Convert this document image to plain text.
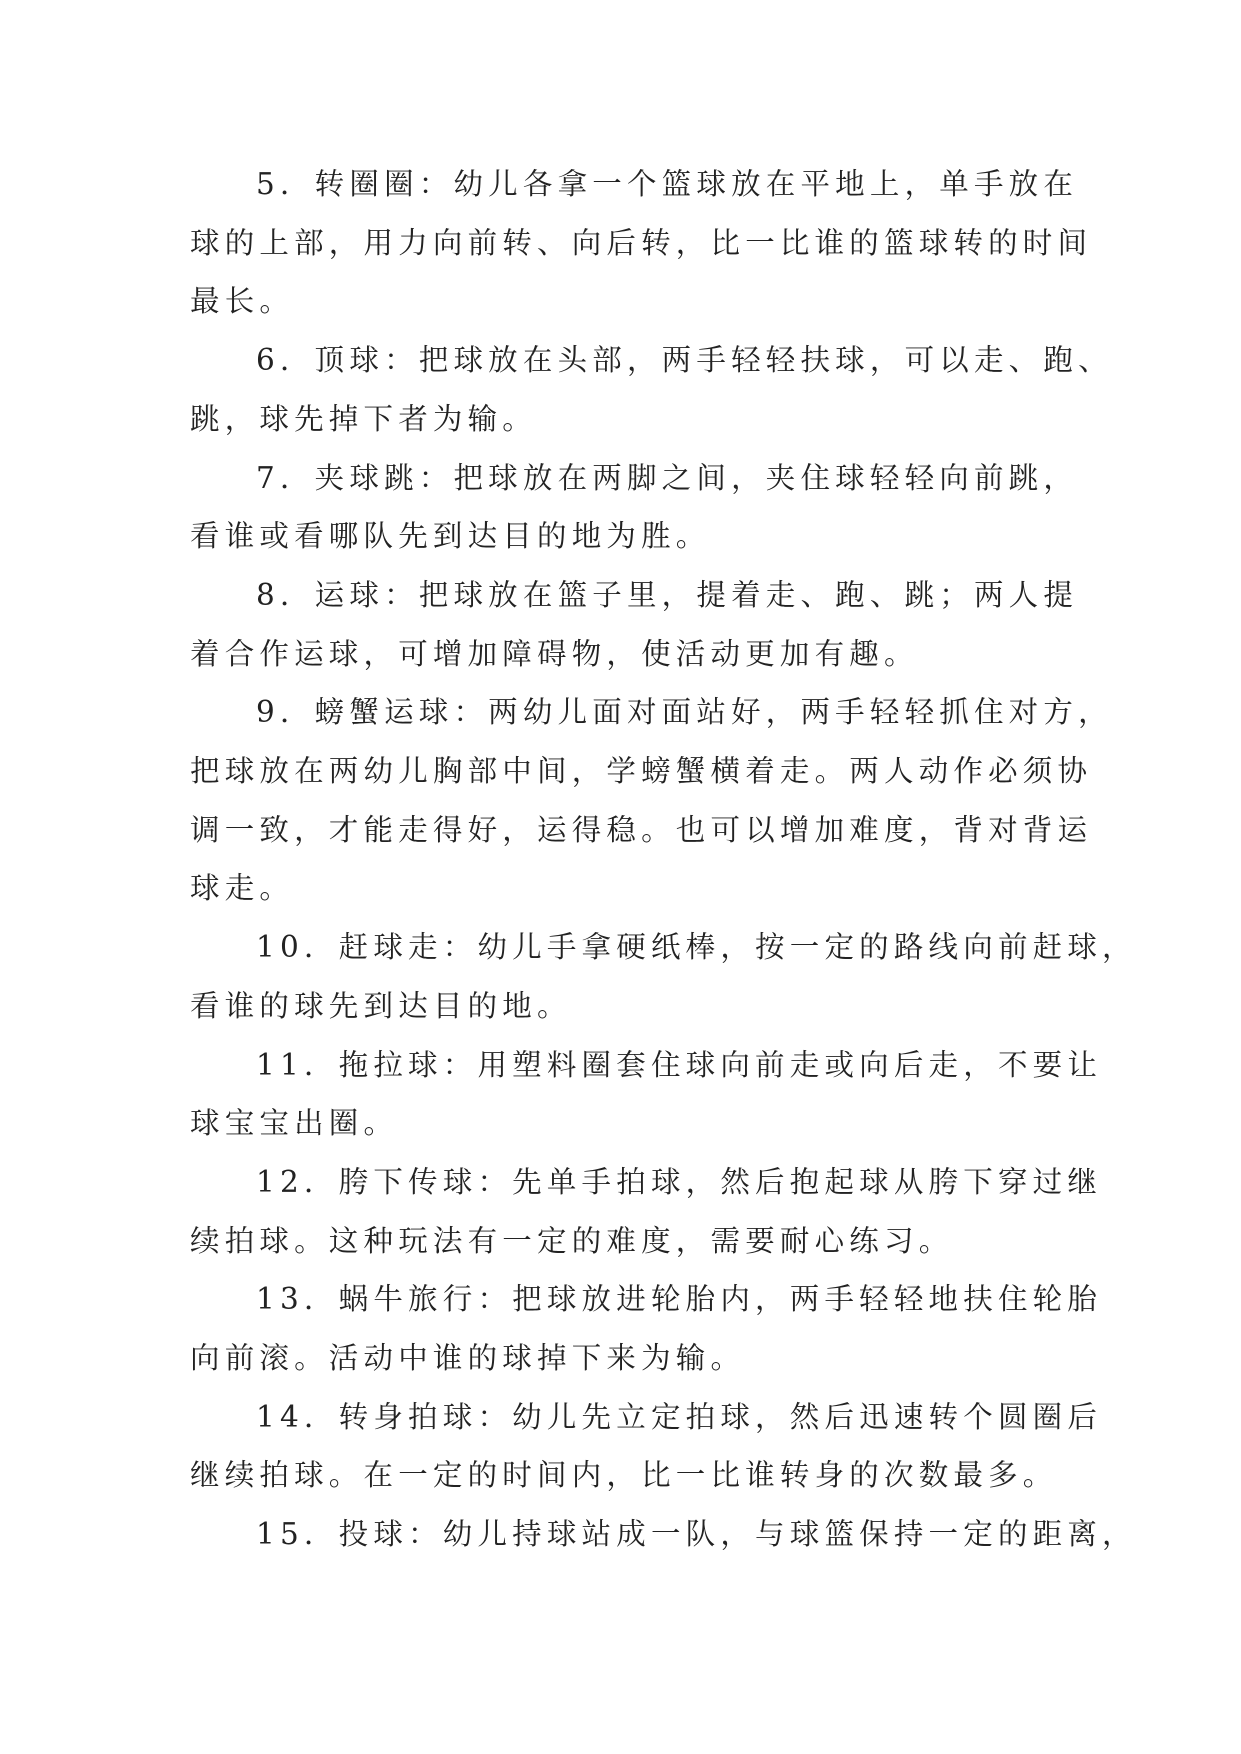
5．转圈圈：幼儿各拿一个篮球放在平地上，单手放在
球的上部，用力向前转、向后转，比一比谁的篮球转的时间
最长。

6．顶球：把球放在头部，两手轻轻扶球，可以走、跑、
跳，球先掉下者为输。

7．夹球跳：把球放在两脚之间，夹住球轻轻向前跳，
看谁或看哪队先到达目的地为胜。

8．运球：把球放在篮子里，提着走、跑、跳；两人提
着合作运球，可增加障碍物，使活动更加有趣。

9．螃蟹运球：两幼儿面对面站好，两手轻轻抓住对方，
把球放在两幼儿胸部中间，学螃蟹横着走。两人动作必须协
调一致，才能走得好，运得稳。也可以增加难度，背对背运
球走。

10．赶球走：幼儿手拿硬纸棒，按一定的路线向前赶球，
看谁的球先到达目的地。

11．拖拉球：用塑料圈套住球向前走或向后走，不要让
球宝宝出圈。

12．胯下传球：先单手拍球，然后抱起球从胯下穿过继
续拍球。这种玩法有一定的难度，需要耐心练习。

13．蜗牛旅行：把球放进轮胎内，两手轻轻地扶住轮胎
向前滚。活动中谁的球掉下来为输。

14．转身拍球：幼儿先立定拍球，然后迅速转个圆圈后
继续拍球。在一定的时间内，比一比谁转身的次数最多。

15．投球：幼儿持球站成一队，与球篮保持一定的距离，
